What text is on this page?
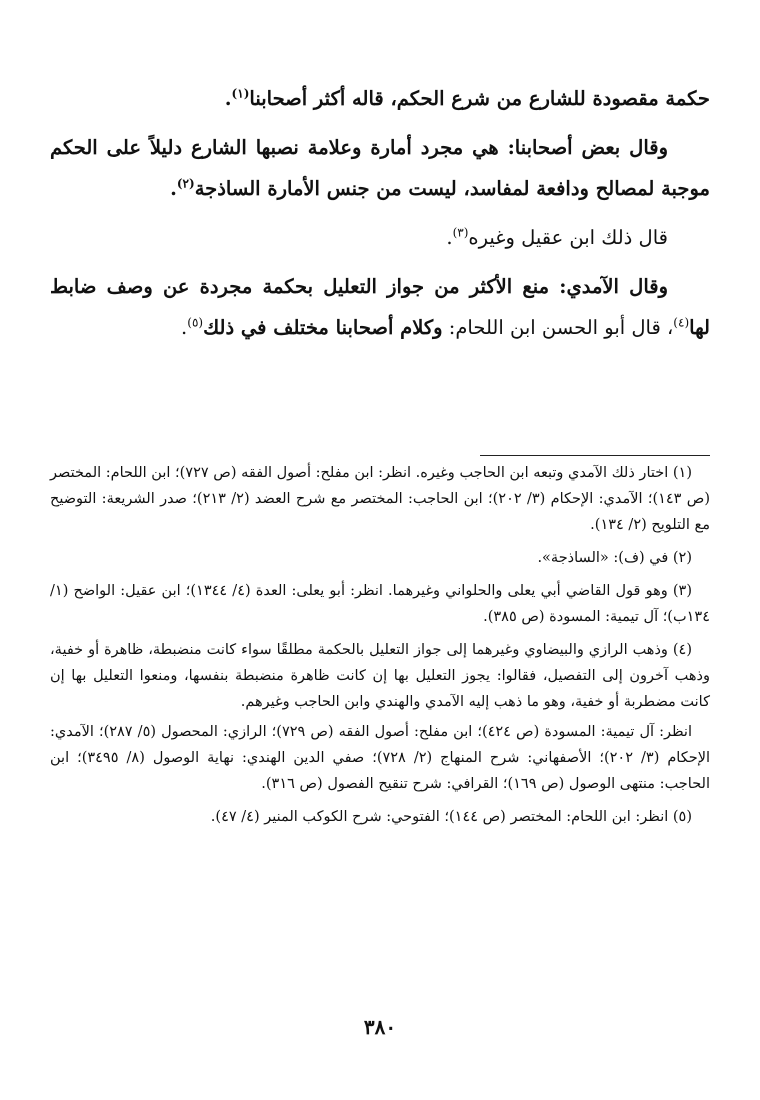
حكمة مقصودة للشارع من شرع الحكم، قاله أكثر أصحابنا$^{(١)}$.

وقال بعض أصحابنا: هي مجرد أمارة وعلامة نصبها الشارع دليلاً على الحكم موجبة لمصالح ودافعة لمفاسد، ليست من جنس الأمارة الساذجة$^{(٢)}$.

قال ذلك ابن عقيل وغيره$^{(٣)}$.

وقال الآمدي: منع الأكثر من جواز التعليل بحكمة مجردة عن وصف ضابط لها$^{(٤)}$، قال أبو الحسن ابن اللحام: وكلام أصحابنا مختلف في ذلك$^{(٥)}$.

(١) اختار ذلك الآمدي وتبعه ابن الحاجب وغيره. انظر: ابن مفلح: أصول الفقه (ص ٧٢٧)؛ ابن اللحام: المختصر (ص ١٤٣)؛ الآمدي: الإحكام (٣/ ٢٠٢)؛ ابن الحاجب: المختصر مع شرح العضد (٢/ ٢١٣)؛ صدر الشريعة: التوضيح مع التلويح (٢/ ١٣٤).

(٢) في (ف): «الساذجة».

(٣) وهو قول القاضي أبي يعلى والحلواني وغيرهما. انظر: أبو يعلى: العدة (٤/ ١٣٤٤)؛ ابن عقيل: الواضح (١/ ١٣٤ب)؛ آل تيمية: المسودة (ص ٣٨٥).

(٤) وذهب الرازي والبيضاوي وغيرهما إلى جواز التعليل بالحكمة مطلقًا سواء كانت منضبطة، ظاهرة أو خفية، وذهب آخرون إلى التفصيل، فقالوا: يجوز التعليل بها إن كانت ظاهرة منضبطة بنفسها، ومنعوا التعليل بها إن كانت مضطربة أو خفية، وهو ما ذهب إليه الآمدي والهندي وابن الحاجب وغيرهم.

انظر: آل تيمية: المسودة (ص ٤٢٤)؛ ابن مفلح: أصول الفقه (ص ٧٢٩)؛ الرازي: المحصول (٥/ ٢٨٧)؛ الآمدي: الإحكام (٣/ ٢٠٢)؛ الأصفهاني: شرح المنهاج (٢/ ٧٢٨)؛ صفي الدين الهندي: نهاية الوصول (٨/ ٣٤٩٥)؛ ابن الحاجب: منتهى الوصول (ص ١٦٩)؛ القرافي: شرح تنقيح الفصول (ص ٣١٦).

(٥) انظر: ابن اللحام: المختصر (ص ١٤٤)؛ الفتوحي: شرح الكوكب المنير (٤/ ٤٧).

٣٨٠
